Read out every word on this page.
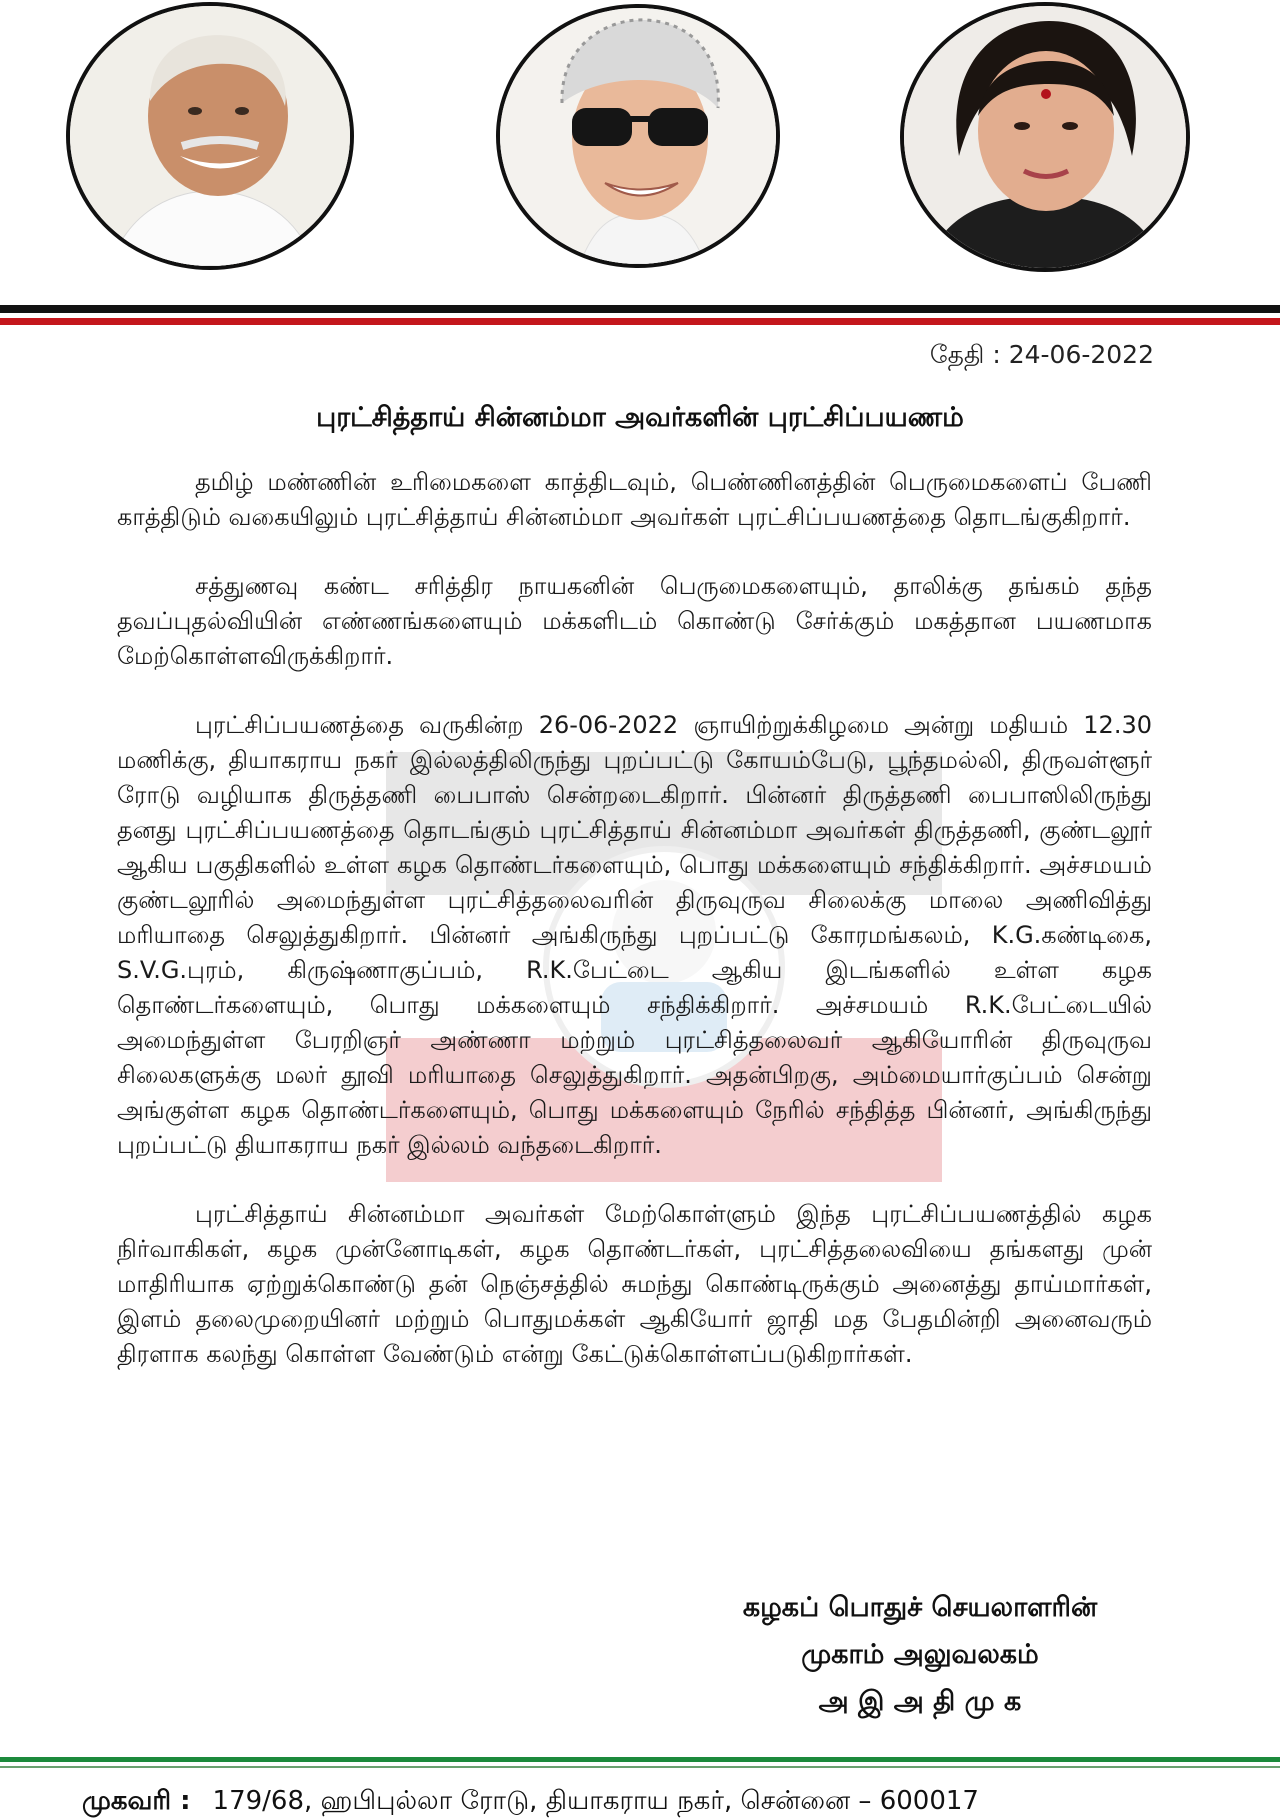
தேதி : 24-06-2022
புரட்சித்தாய் சின்னம்மா அவர்களின் புரட்சிப்பயணம்

தமிழ் மண்ணின் உரிமைகளை காத்திடவும், பெண்ணினத்தின் பெருமைகளைப் பேணி காத்திடும் வகையிலும் புரட்சித்தாய் சின்னம்மா அவர்கள் புரட்சிப்பயணத்தை தொடங்குகிறார்.

சத்துணவு கண்ட சரித்திர நாயகனின் பெருமைகளையும், தாலிக்கு தங்கம் தந்த தவப்புதல்வியின் எண்ணங்களையும் மக்களிடம் கொண்டு சேர்க்கும் மகத்தான பயணமாக மேற்கொள்ளவிருக்கிறார்.

புரட்சிப்பயணத்தை வருகின்ற 26-06-2022 ஞாயிற்றுக்கிழமை அன்று மதியம் 12.30 மணிக்கு, தியாகராய நகர் இல்லத்திலிருந்து புறப்பட்டு கோயம்பேடு, பூந்தமல்லி, திருவள்ளூர் ரோடு வழியாக திருத்தணி பைபாஸ் சென்றடைகிறார். பின்னர் திருத்தணி பைபாஸிலிருந்து தனது புரட்சிப்பயணத்தை தொடங்கும் புரட்சித்தாய் சின்னம்மா அவர்கள் திருத்தணி, குண்டலூர் ஆகிய பகுதிகளில் உள்ள கழக தொண்டர்களையும், பொது மக்களையும் சந்திக்கிறார். அச்சமயம் குண்டலூரில் அமைந்துள்ள புரட்சித்தலைவரின் திருவுருவ சிலைக்கு மாலை அணிவித்து மரியாதை செலுத்துகிறார். பின்னர் அங்கிருந்து புறப்பட்டு கோரமங்கலம், K.G.கண்டிகை, S.V.G.புரம், கிருஷ்ணாகுப்பம், R.K.பேட்டை ஆகிய இடங்களில் உள்ள கழக தொண்டர்களையும், பொது மக்களையும் சந்திக்கிறார். அச்சமயம் R.K.பேட்டையில் அமைந்துள்ள பேரறிஞர் அண்ணா மற்றும் புரட்சித்தலைவர் ஆகியோரின் திருவுருவ சிலைகளுக்கு மலர் தூவி மரியாதை செலுத்துகிறார். அதன்பிறகு, அம்மையார்குப்பம் சென்று அங்குள்ள கழக தொண்டர்களையும், பொது மக்களையும் நேரில் சந்தித்த பின்னர், அங்கிருந்து புறப்பட்டு தியாகராய நகர் இல்லம் வந்தடைகிறார்.

புரட்சித்தாய் சின்னம்மா அவர்கள் மேற்கொள்ளும் இந்த புரட்சிப்பயணத்தில் கழக நிர்வாகிகள், கழக முன்னோடிகள், கழக தொண்டர்கள், புரட்சித்தலைவியை தங்களது முன் மாதிரியாக ஏற்றுக்கொண்டு தன் நெஞ்சத்தில் சுமந்து கொண்டிருக்கும் அனைத்து தாய்மார்கள், இளம் தலைமுறையினர் மற்றும் பொதுமக்கள் ஆகியோர் ஜாதி மத பேதமின்றி அனைவரும் திரளாக கலந்து கொள்ள வேண்டும் என்று கேட்டுக்கொள்ளப்படுகிறார்கள்.

கழகப் பொதுச் செயலாளரின்
முகாம் அலுவலகம்
அ இ அ தி மு க
முகவரி : 179/68, ஹபிபுல்லா ரோடு, தியாகராய நகர், சென்னை – 600017
